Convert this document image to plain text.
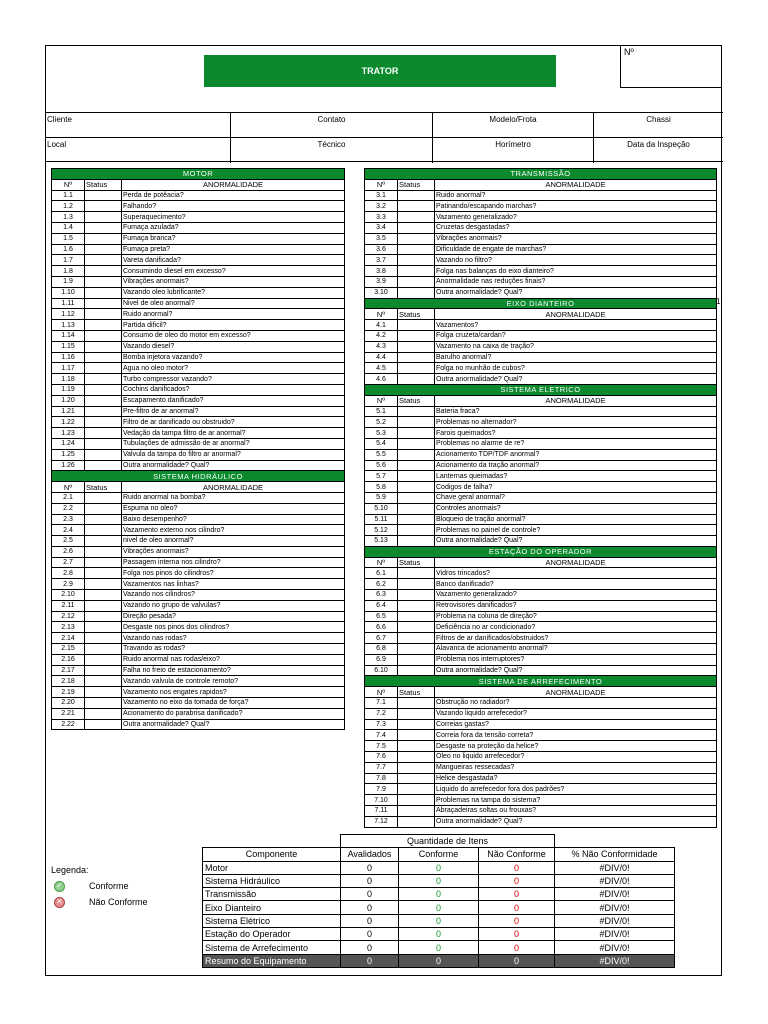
TRATOR
Nº
Cliente	Contato	Modelo/Frota	Chassi
Local	Técnico	Horímetro	Data da Inspeção
MOTOR		
Nº	Status	ANORMALIDADE
1.1		Perda de potêacia?
1.2		Falhando?
1.3		Superaquecimento?
1.4		Fumaça azulada?
1.5		Fumaça branca?
1.6		Fumaça preta?
1.7		Vareta danificada?
1.8		Consumindo diesel em excesso?
1.9		Vibrações anormais?
1.10		Vazando oleo lubrificante?
1.11		Nivel de oleo anormal?
1.12		Ruido anormal?
1.13		Partida dificil?
1.14		Consumo de oleo do motor em excesso?
1.15		Vazando diesel?
1.16		Bomba injetora vazando?
1.17		Agua no oleo motor?
1.18		Turbo compressor vazando?
1.19		Cochins danificados?
1.20		Escapamento danificado?
1.21		Pre-filtro de ar anormal?
1.22		Filtro de ar danificado ou obstruido?
1.23		Vedação da tampa filtro de ar anormal?
1.24		Tubulações de admissão de ar anormal?
1.25		Valvula da tampa do filtro ar anormal?
1.26		Outra anormalidade? Qual?
SISTEMA HIDRÁULICO		
Nº	Status	ANORMALIDADE
2.1		Ruido anormal na bomba?
2.2		Espuma no oleo?
2.3		Baixo desempenho?
2.4		Vazamento externo nos cilindro?
2.5		nivel de oleo anormal?
2.6		Vibrações anormais?
2.7		Passagem interna nos cilindro?
2.8		Folga nos pinos do cilindros?
2.9		Vazamentos nas linhas?
2.10		Vazando nos cilindros?
2.11		Vazando no grupo de valvulas?
2.12		Direção pesada?
2.13		Desgaste nos pinos dos cilindros?
2.14		Vazando nas rodas?
2.15		Travando as rodas?
2.16		Ruido anormal nas rodas/eixo?
2.17		Falha no freio de estacionamento?
2.18		Vazando valvula de controle remoto?
2.19		Vazamento nos engates rapidos?
2.20		Vazamento no eixo da tomada de força?
2.21		Acionamento do parabrisa danificado?
2.22		Outra anormalidade? Qual?
TRANSMISSÃO		
Nº	Status	ANORMALIDADE
3.1		Ruido anormal?
3.2		Patinando/escapando marchas?
3.3		Vazamento generalizado?
3.4		Cruzetas desgastadas?
3.5		Vibrações anormais?
3.6		Dificuldade de engate de marchas?
3.7		Vazando no filtro?
3.8		Folga nas balanças do eixo dianteiro?
3.9		Anormalidade nas reduções finais?
3.10		Outra anormalidade? Qual?
EIXO DIANTEIRO		
Nº	Status	ANORMALIDADE
4.1		Vazamentos?
4.2		Folga cruzeta/cardan?
4.3		Vazamento na caixa de tração?
4.4		Barulho anormal?
4.5		Folga no munhão de cubos?
4.6		Outra anormalidade? Qual?
SISTEMA ELETRICO		
Nº	Status	ANORMALIDADE
5.1		Bateria fraca?
5.2		Problemas no alternador?
5.3		Farois queimados?
5.4		Problemas no alarme de re?
5.5		Acionamento TDP/TDF anormal?
5.6		Acionamento da tração anormal?
5.7		Lanternas queimadas?
5.8		Codigos de falha?
5.9		Chave geral anormal?
5.10		Controles anormais?
5.11		Bloqueio de tração anormal?
5.12		Problemas no painel de controle?
5.13		Outra anormalidade? Qual?
ESTAÇÃO DO OPERADOR		
Nº	Status	ANORMALIDADE
6.1		Vidros trincados?
6.2		Banco danificado?
6.3		Vazamento generalizado?
6.4		Retrovisores danificados?
6.5		Problema na coluna de direção?
6.6		Deficiência no ar condicionado?
6.7		Filtros de ar danificados/obstruidos?
6.8		Alavanca de acionamento anormal?
6.9		Problema nos interruptores?
6.10		Outra anormalidade? Qual?
SISTEMA DE ARREFECIMENTO		
Nº	Status	ANORMALIDADE
7.1		Obstrução no radiador?
7.2		Vazando liquido arrefecedor?
7.3		Correias gastas?
7.4		Correia fora da tensão correta?
7.5		Desgaste na proteção da helice?
7.6		Oleo no liquido arrefecedor?
7.7		Mangueiras ressecadas?
7.8		Helice desgastada?
7.9		Liquido do arrefecedor fora dos padrões?
7.10		Problemas na tampa do sistema?
7.11		Abraçadeiras soltas ou frouxas?
7.12		Outra anormalidade? Qual?
1
Legenda:
✓	Conforme
✕	Não Conforme
	Quantidade de Itens			
Componente	Avalidados	Conforme	Não Conforme	% Não Conformidade
Motor	0	0	0	#DIV/0!
Sistema Hidráulico	0	0	0	#DIV/0!
Transmissão	0	0	0	#DIV/0!
Eixo Dianteiro	0	0	0	#DIV/0!
Sistema Elétrico	0	0	0	#DIV/0!
Estação do Operador	0	0	0	#DIV/0!
Sistema de Arrefecimento	0	0	0	#DIV/0!
Resumo do Equipamento	0	0	0	#DIV/0!
